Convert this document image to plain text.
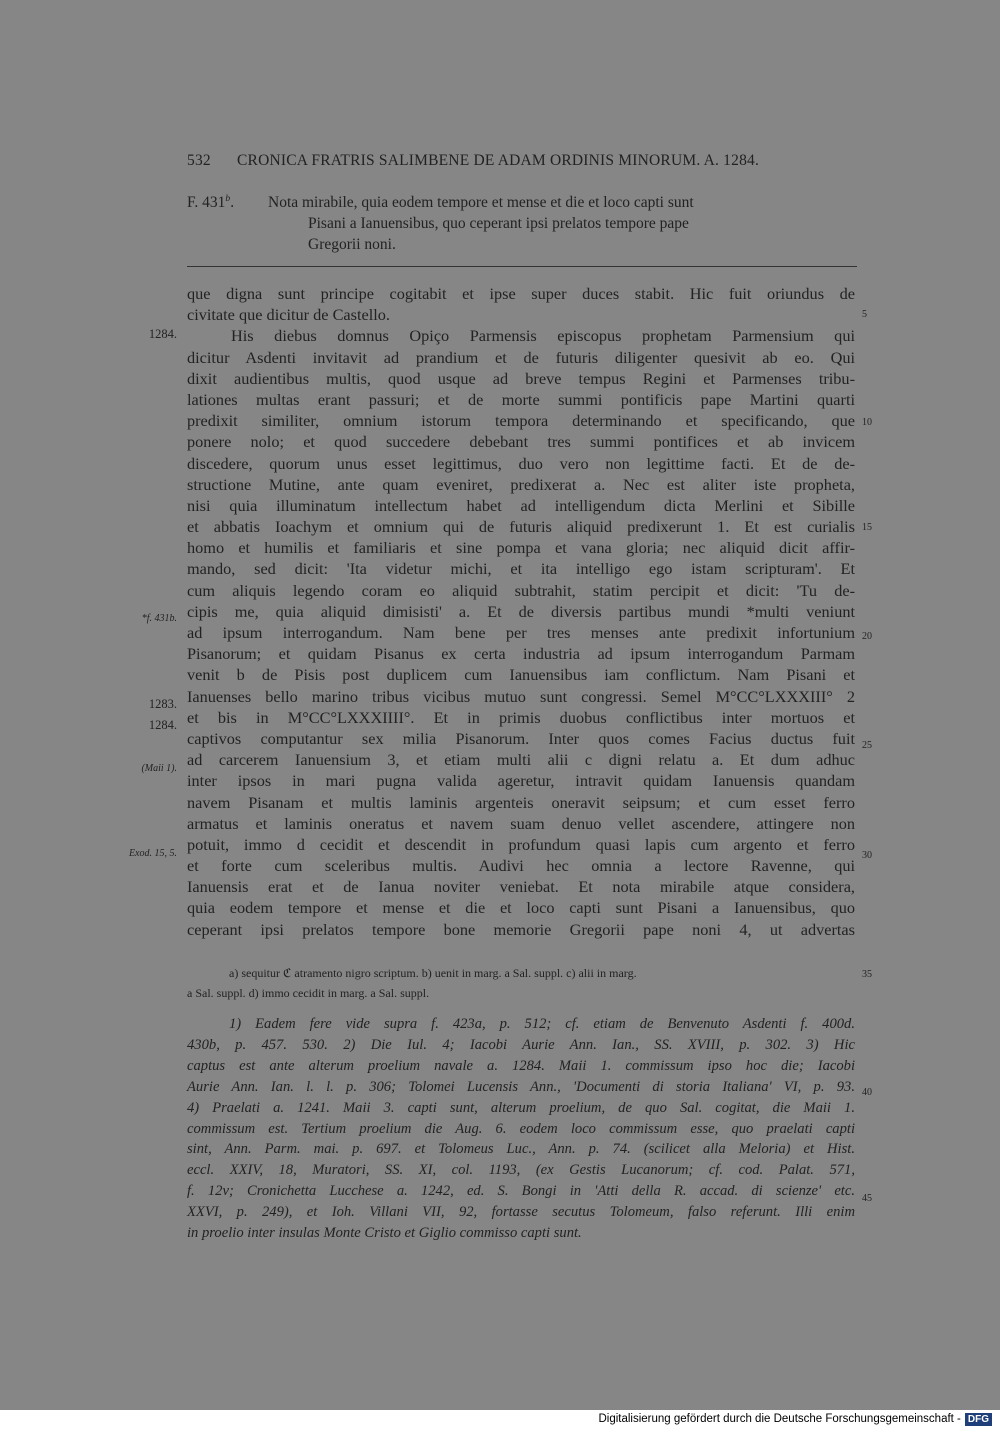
532 CRONICA FRATRIS SALIMBENE DE ADAM ORDINIS MINORUM. A. 1284.
F. 431$^b$. Nota mirabile, quia eodem tempore et mense et die et loco capti sunt
Pisani a Ianuensibus, quo ceperant ipsi prelatos tempore pape
Gregorii noni.
que digna sunt principe cogitabit et ipse super duces stabit. Hic fuit oriundus de
civitate que dicitur de Castello.
His diebus domnus Opiço Parmensis episcopus prophetam Parmensium qui
dicitur Asdenti invitavit ad prandium et de futuris diligenter quesivit ab eo. Qui
dixit audientibus multis, quod usque ad breve tempus Regini et Parmenses tribu-
lationes multas erant passuri; et de morte summi pontificis pape Martini quarti
predixit similiter, omnium istorum tempora determinando et specificando, que
ponere nolo; et quod succedere debebant tres summi pontifices et ab invicem
discedere, quorum unus esset legittimus, duo vero non legittime facti. Et de de-
structione Mutine, ante quam eveniret, predixerat a. Nec est aliter iste propheta,
nisi quia illuminatum intellectum habet ad intelligendum dicta Merlini et Sibille
et abbatis Ioachym et omnium qui de futuris aliquid predixerunt 1. Et est curialis
homo et humilis et familiaris et sine pompa et vana gloria; nec aliquid dicit affir-
mando, sed dicit: 'Ita videtur michi, et ita intelligo ego istam scripturam'. Et
cum aliquis legendo coram eo aliquid subtrahit, statim percipit et dicit: 'Tu de-
cipis me, quia aliquid dimisisti' a. Et de diversis partibus mundi *multi veniunt
ad ipsum interrogandum. Nam bene per tres menses ante predixit infortunium
Pisanorum; et quidam Pisanus ex certa industria ad ipsum interrogandum Parmam
venit b de Pisis post duplicem cum Ianuensibus iam conflictum. Nam Pisani et
Ianuenses bello marino tribus vicibus mutuo sunt congressi. Semel M°CC°LXXXIII° 2
et bis in M°CC°LXXXIIII°. Et in primis duobus conflictibus inter mortuos et
captivos computantur sex milia Pisanorum. Inter quos comes Facius ductus fuit
ad carcerem Ianuensium 3, et etiam multi alii c digni relatu a. Et dum adhuc
inter ipsos in mari pugna valida ageretur, intravit quidam Ianuensis quandam
navem Pisanam et multis laminis argenteis oneravit seipsum; et cum esset ferro
armatus et laminis oneratus et navem suam denuo vellet ascendere, attingere non
potuit, immo d cecidit et descendit in profundum quasi lapis cum argento et ferro
et forte cum sceleribus multis. Audivi hec omnia a lectore Ravenne, qui
Ianuensis erat et de Ianua noviter veniebat. Et nota mirabile atque considera,
quia eodem tempore et mense et die et loco capti sunt Pisani a Ianuensibus, quo
ceperant ipsi prelatos tempore bone memorie Gregorii pape noni 4, ut advertas
1284.
*f. 431b.
1283.
1284.
(Maii 1).
Exod. 15, 5.
5
10
15
20
25
30
35
40
45
a) sequitur ℭ atramento nigro scriptum. b) uenit in marg. a Sal. suppl. c) alii in marg.
a Sal. suppl. d) immo cecidit in marg. a Sal. suppl.
1) Eadem fere vide supra f. 423a, p. 512; cf. etiam de Benvenuto Asdenti f. 400d.
430b, p. 457. 530. 2) Die Iul. 4; Iacobi Aurie Ann. Ian., SS. XVIII, p. 302. 3) Hic
captus est ante alterum proelium navale a. 1284. Maii 1. commissum ipso hoc die; Iacobi
Aurie Ann. Ian. l. l. p. 306; Tolomei Lucensis Ann., 'Documenti di storia Italiana' VI, p. 93.
4) Praelati a. 1241. Maii 3. capti sunt, alterum proelium, de quo Sal. cogitat, die Maii 1.
commissum est. Tertium proelium die Aug. 6. eodem loco commissum esse, quo praelati capti
sint, Ann. Parm. mai. p. 697. et Tolomeus Luc., Ann. p. 74. (scilicet alla Meloria) et Hist.
eccl. XXIV, 18, Muratori, SS. XI, col. 1193, (ex Gestis Lucanorum; cf. cod. Palat. 571,
f. 12v; Cronichetta Lucchese a. 1242, ed. S. Bongi in 'Atti della R. accad. di scienze' etc.
XXVI, p. 249), et Ioh. Villani VII, 92, fortasse secutus Tolomeum, falso referunt. Illi enim
in proelio inter insulas Monte Cristo et Giglio commisso capti sunt.
Digitalisierung gefördert durch die Deutsche Forschungsgemeinschaft - DFG
